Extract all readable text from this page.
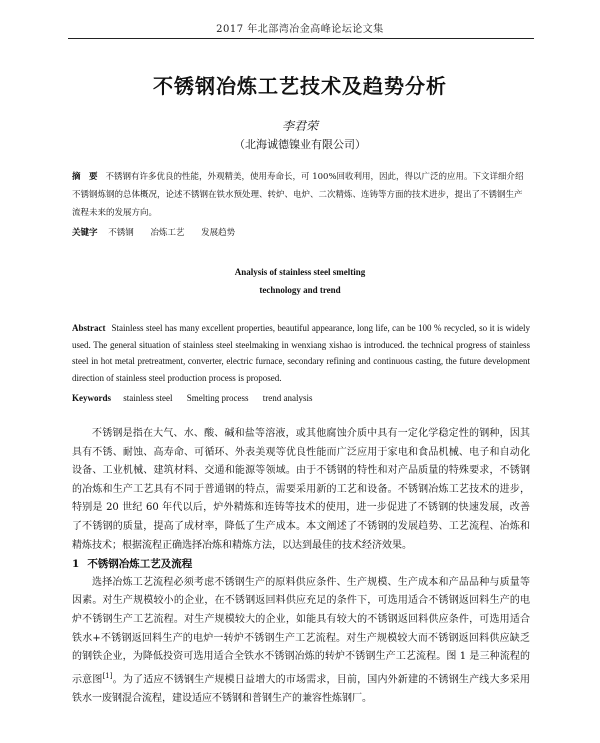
2017 年北部湾冶金高峰论坛论文集
不锈钢冶炼工艺技术及趋势分析
李君荣
（北海诚德镍业有限公司）
摘　要 不锈钢有许多优良的性能，外观精美，使用寿命长，可 100%回收利用，因此，得以广泛的应用。下文详细介绍不锈钢炼钢的总体概况，论述不锈钢在铁水预处理、转炉、电炉、二次精炼、连铸等方面的技术进步，提出了不锈钢生产流程未来的发展方向。
关键字 不锈钢 冶炼工艺 发展趋势
Analysis of stainless steel smelting
technology and trend
Abstract Stainless steel has many excellent properties, beautiful appearance, long life, can be 100 % recycled, so it is widely used. The general situation of stainless steel steelmaking in wenxiang xishao is introduced. the technical progress of stainless steel in hot metal pretreatment, converter, electric furnace, secondary refining and continuous casting, the future development direction of stainless steel production process is proposed.
Keywords stainless steel Smelting process trend analysis

不锈钢是指在大气、水、酸、碱和盐等溶液，或其他腐蚀介质中具有一定化学稳定性的钢种，因其具有不锈、耐蚀、高寿命、可循环、外表美观等优良性能而广泛应用于家电和食品机械、电子和自动化设备、工业机械、建筑材料、交通和能源等领域。由于不锈钢的特性和对产品质量的特殊要求，不锈钢的冶炼和生产工艺具有不同于普通钢的特点，需要采用新的工艺和设备。不锈钢冶炼工艺技术的进步，特别是 20 世纪 60 年代以后，炉外精炼和连铸等技术的使用，进一步促进了不锈钢的快速发展，改善了不锈钢的质量，提高了成材率，降低了生产成本。本文阐述了不锈钢的发展趋势、工艺流程、冶炼和精炼技术；根据流程正确选择冶炼和精炼方法，以达到最佳的技术经济效果。

1 不锈钢冶炼工艺及流程

选择冶炼工艺流程必须考虑不锈钢生产的原料供应条件、生产规模、生产成本和产品品种与质量等因素。对生产规模较小的企业，在不锈钢返回料供应充足的条件下，可选用适合不锈钢返回料生产的电炉不锈钢生产工艺流程。对生产规模较大的企业，如能具有较大的不锈钢返回料供应条件，可选用适合铁水+不锈钢返回料生产的电炉一转炉不锈钢生产工艺流程。对生产规模较大而不锈钢返回料供应缺乏的钢铁企业，为降低投资可选用适合全铁水不锈钢冶炼的转炉不锈钢生产工艺流程。图 1 是三种流程的示意图[1]。为了适应不锈钢生产规模日益增大的市场需求，目前，国内外新建的不锈钢生产线大多采用铁水一废钢混合流程，建设适应不锈钢和普钢生产的兼容性炼钢厂。
